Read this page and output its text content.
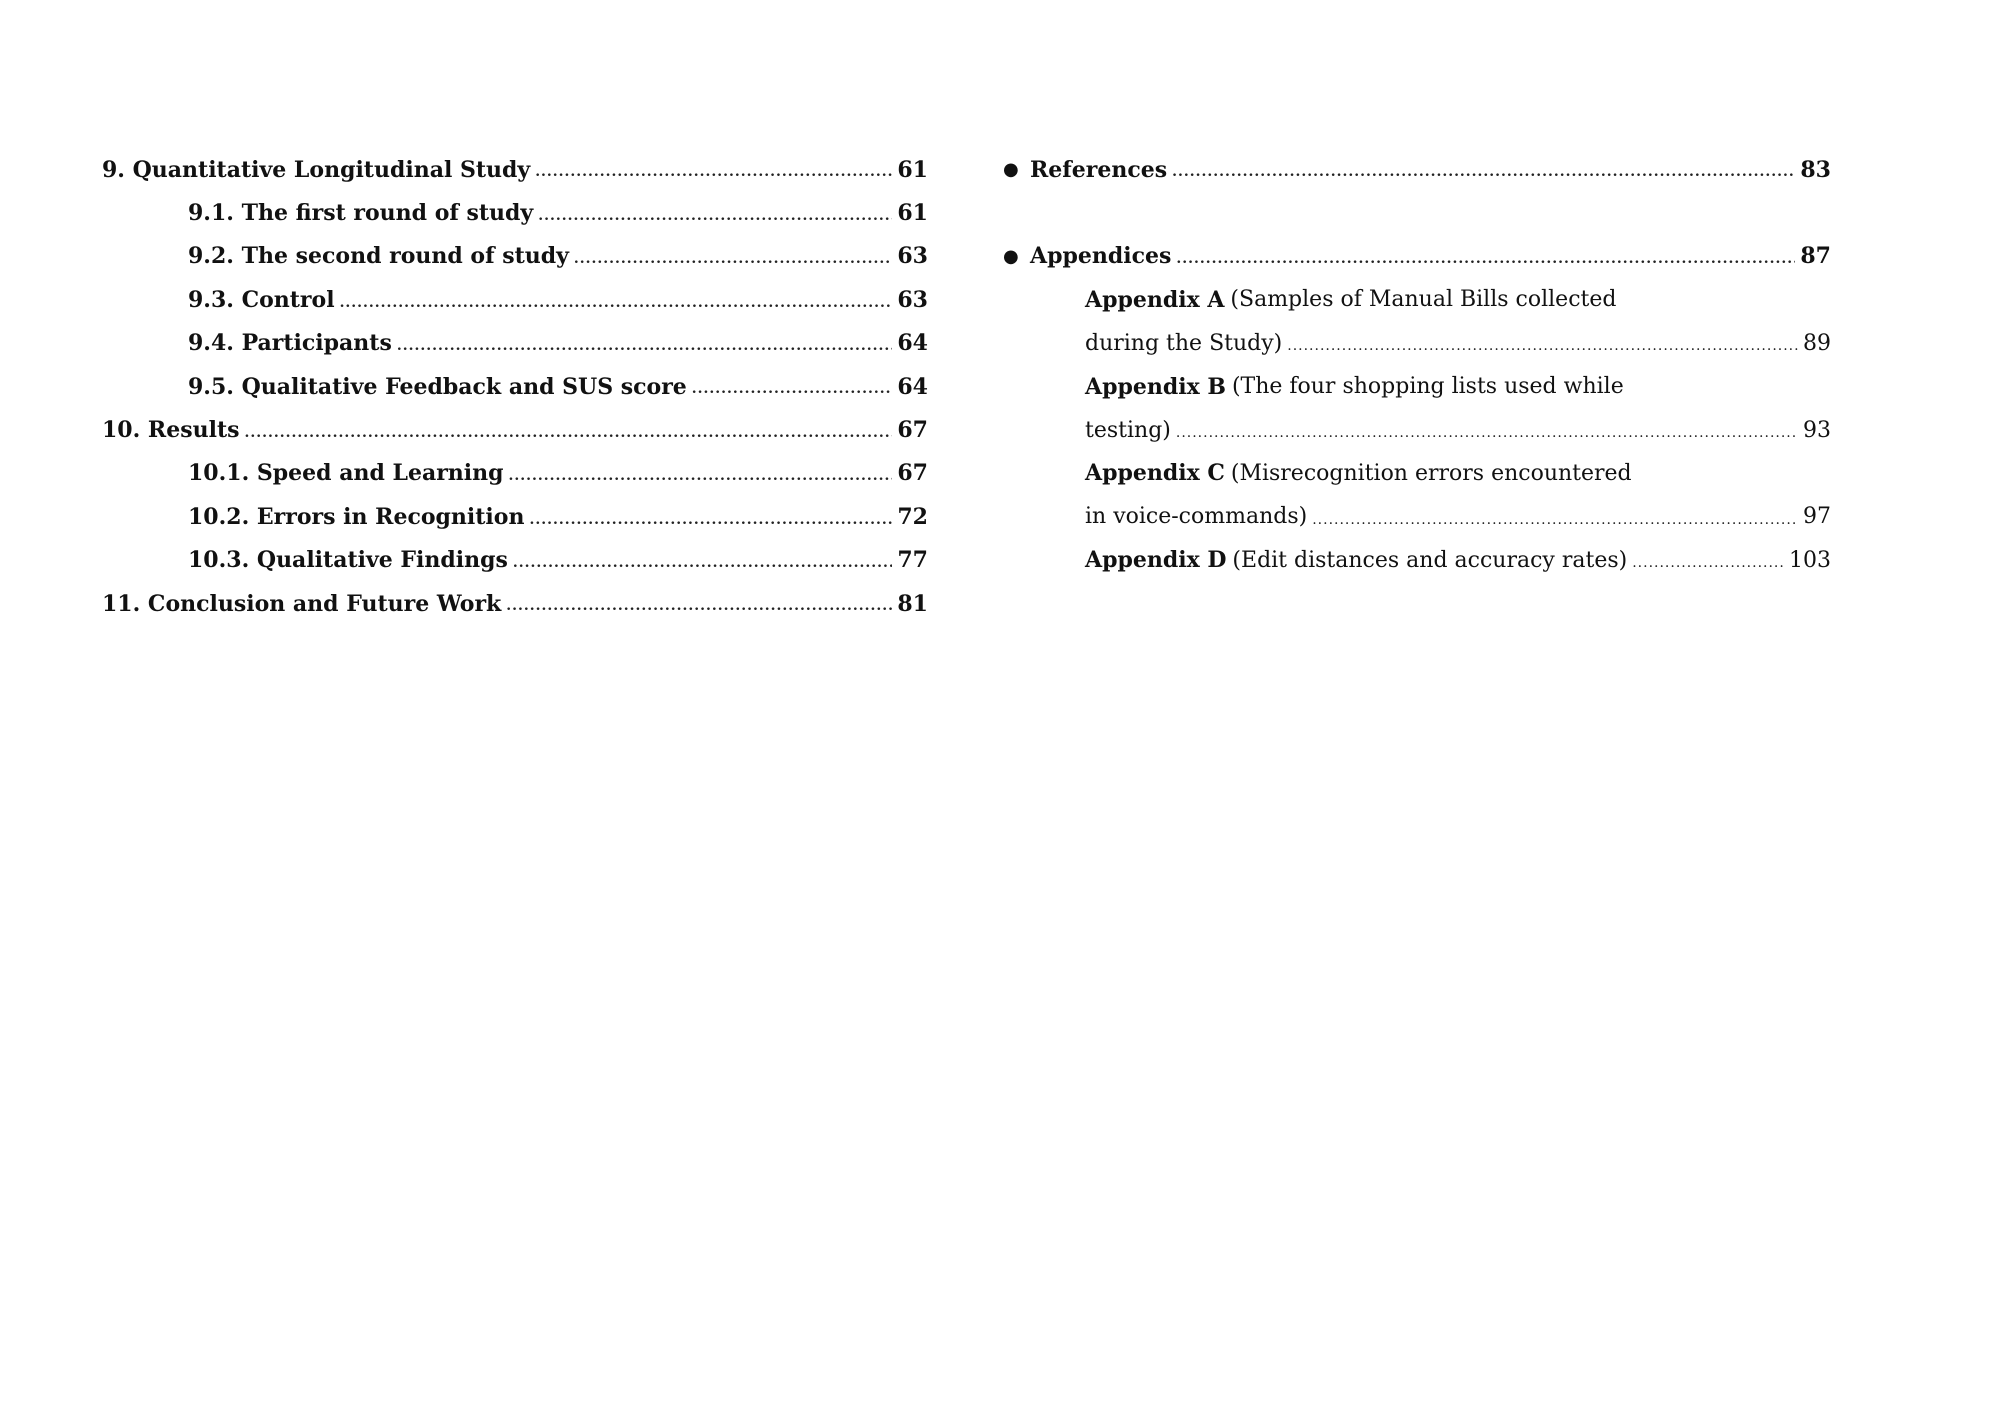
9. Quantitative Longitudinal Study .....	61
9.1. The first round of study .....	61
9.2. The second round of study .....	63
9.3. Control .....	63
9.4. Participants .....	64
9.5. Qualitative Feedback and SUS score .....	64
10. Results .....	67
10.1. Speed and Learning .....	67
10.2. Errors in Recognition .....	72
10.3. Qualitative Findings .....	77
11. Conclusion and Future Work .....	81
● References .....	83
● Appendices .....	87
Appendix A (Samples of Manual Bills collected
during the Study) .....	89
Appendix B (The four shopping lists used while
testing) .....	93
Appendix C (Misrecognition errors encountered
in voice-commands) .....	97
Appendix D (Edit distances and accuracy rates) .....	103
